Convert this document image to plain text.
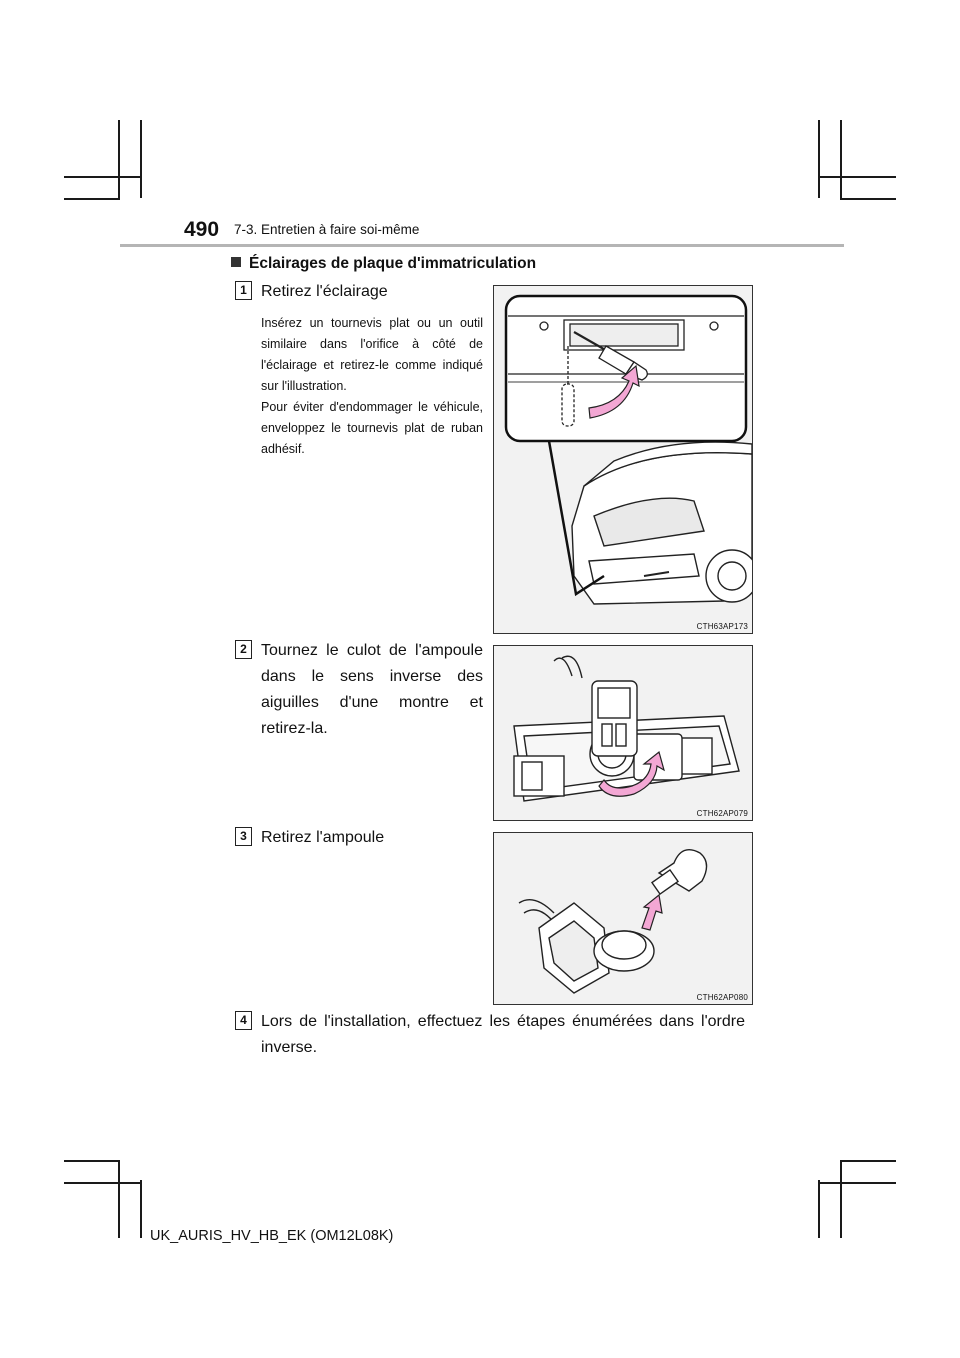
490 7-3. Entretien à faire soi-même
Éclairages de plaque d'immatriculation
1 Retirez l'éclairage

Insérez un tournevis plat ou un outil similaire dans l'orifice à côté de l'éclairage et retirez-le comme indiqué sur l'illustration.

Pour éviter d'endommager le véhicule, enveloppez le tournevis plat de ruban adhésif.

CTH63AP173
2 Tournez le culot de l'ampoule dans le sens inverse des aiguilles d'une montre et retirez-la.
CTH62AP079
3 Retirez l'ampoule
CTH62AP080
4 Lors de l'installation, effectuez les étapes énumérées dans l'ordre inverse.
UK_AURIS_HV_HB_EK (OM12L08K)
